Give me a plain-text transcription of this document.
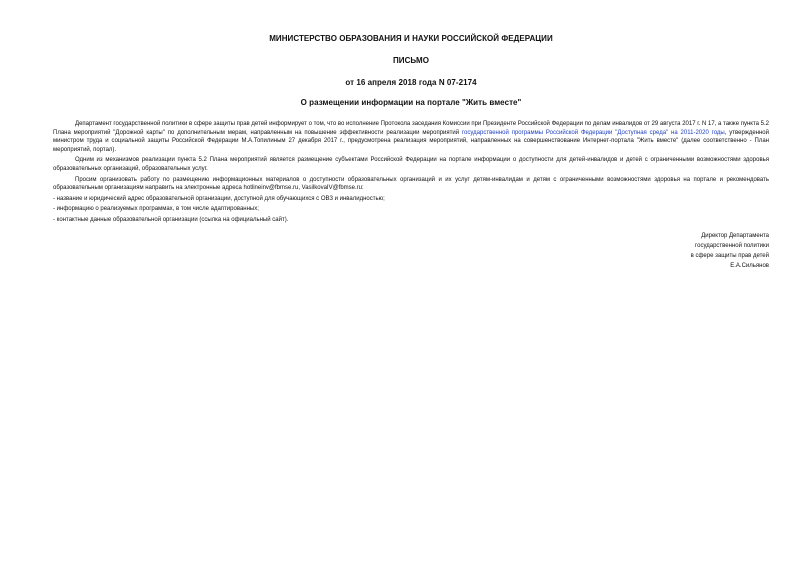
МИНИСТЕРСТВО ОБРАЗОВАНИЯ И НАУКИ РОССИЙСКОЙ ФЕДЕРАЦИИ
ПИСЬМО
от 16 апреля 2018 года N 07-2174
О размещении информации на портале "Жить вместе"

Департамент государственной политики в сфере защиты прав детей информирует о том, что во исполнение Протокола заседания Комиссии при Президенте Российской Федерации по делам инвалидов от 29 августа 2017 г. N 17, а также пункта 5.2 Плана мероприятий "Дорожной карты" по дополнительным мерам, направленным на повышение эффективности реализации мероприятий государственной программы Российской Федерации "Доступная среда" на 2011-2020 годы, утвержденной министром труда и социальной защиты Российской Федерации М.А.Топилиным 27 декабря 2017 г., предусмотрена реализация мероприятий, направленных на совершенствование Интернет-портала "Жить вместе" (далее соответственно - План мероприятий, портал).

Одним из механизмов реализации пункта 5.2 Плана мероприятий является размещение субъектами Российской Федерации на портале информации о доступности для детей-инвалидов и детей с ограниченными возможностями здоровья образовательных организаций, образовательных услуг.

Просим организовать работу по размещению информационных материалов о доступности образовательных организаций и их услуг детям-инвалидам и детям с ограниченными возможностями здоровья на портале и рекомендовать образовательным организациям направить на электронные адреса hotlineinv@fbmse.ru, VasilkovaIV@fbmse.ru:

- название и юридический адрес образовательной организации, доступной для обучающихся с ОВЗ и инвалидностью;

- информацию о реализуемых программах, в том числе адаптированных;

- контактные данные образовательной организации (ссылка на официальный сайт).

Директор Департамента
государственной политики
в сфере защиты прав детей
Е.А.Сильянов
